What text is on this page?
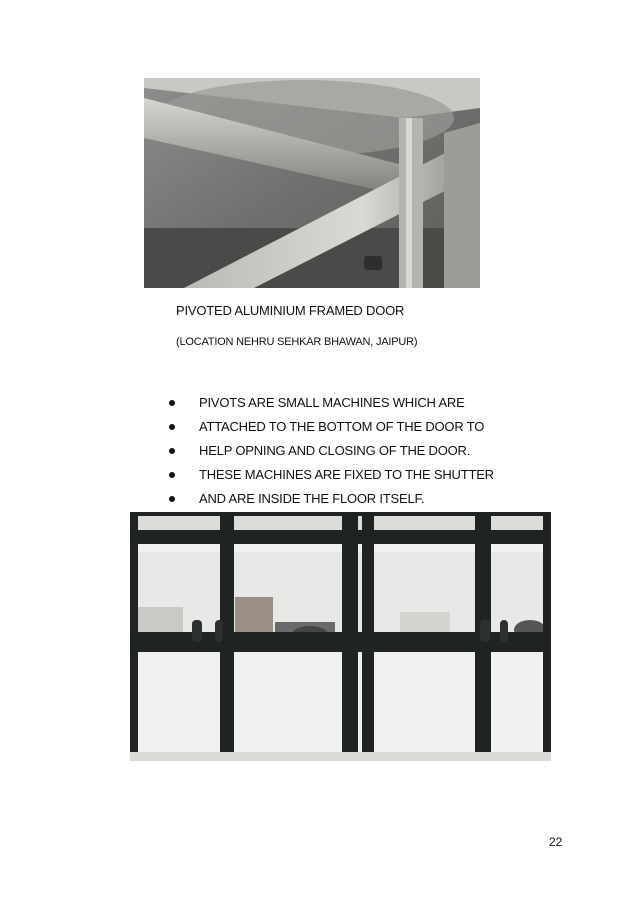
PIVOTED ALUMINIUM FRAMED DOOR
(LOCATION NEHRU SEHKAR BHAWAN, JAIPUR)
PIVOTS ARE SMALL MACHINES WHICH ARE
ATTACHED TO THE BOTTOM OF THE DOOR TO
HELP OPNING AND CLOSING OF THE DOOR.
THESE MACHINES ARE FIXED TO THE SHUTTER
AND ARE INSIDE THE FLOOR ITSELF.
22
